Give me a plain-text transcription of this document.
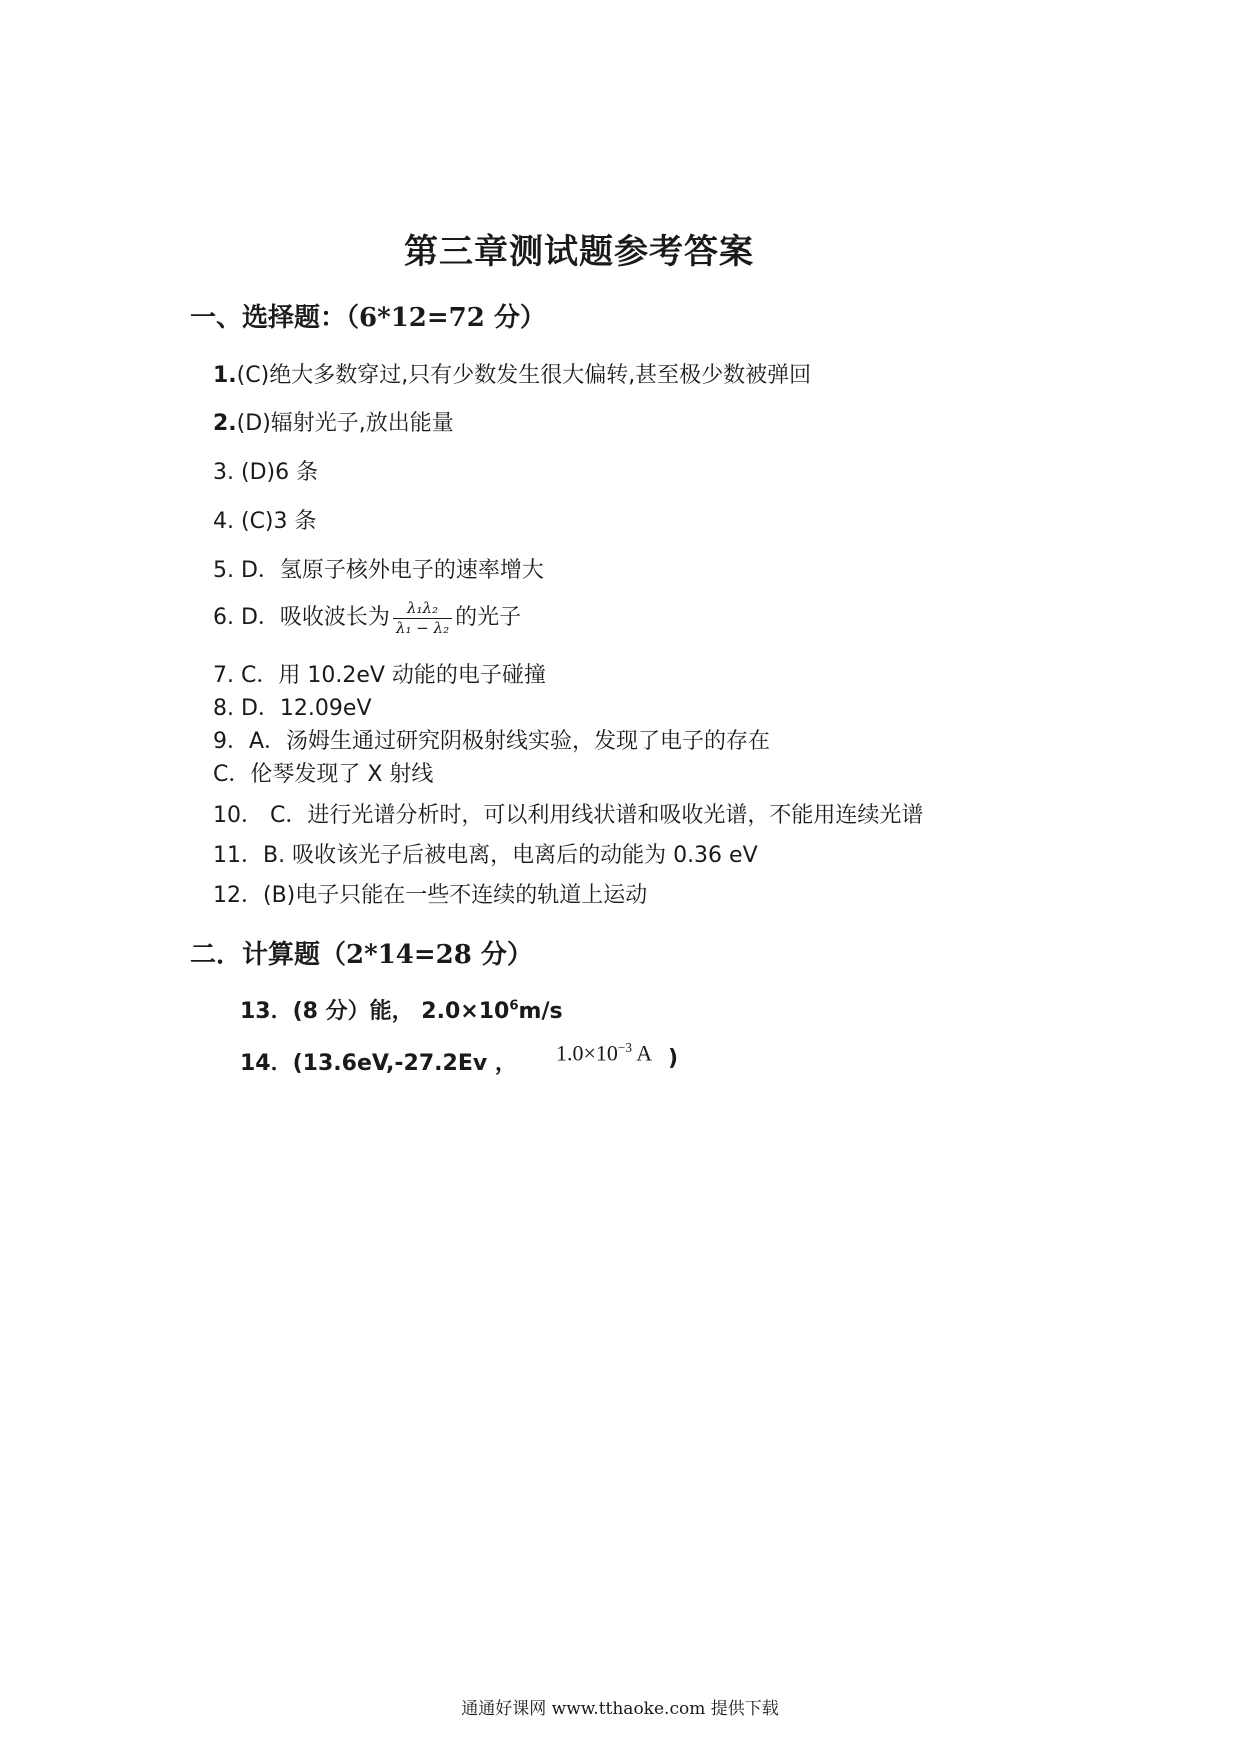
第三章测试题参考答案
一、选择题：（6*12=72 分）
1.(C)绝大多数穿过,只有少数发生很大偏转,甚至极少数被弹回
2.(D)辐射光子,放出能量
3. (D)6 条
4. (C)3 条
5. D．氢原子核外电子的速率增大
6. D．吸收波长为 $\frac{\text{λ₁λ₂}}{\text{λ₁ − λ₂}}$ 的光子
7. C．用 10.2eV 动能的电子碰撞
8. D．12.09eV
9．A．汤姆生通过研究阴极射线实验，发现了电子的存在
C．伦琴发现了 X 射线
10． C．进行光谱分析时，可以利用线状谱和吸收光谱，不能用连续光谱
11．B. 吸收该光子后被电离，电离后的动能为 0.36 eV
12．(B)电子只能在一些不连续的轨道上运动
二．计算题（2*14=28 分）
13．(8 分）能， $2.0\times 10^6m/s$
14．(13.6eV,-27.2Ev ， $1.0\times 10^{-3}$ A )
通通好课网 www.tthaoke.com 提供下载
